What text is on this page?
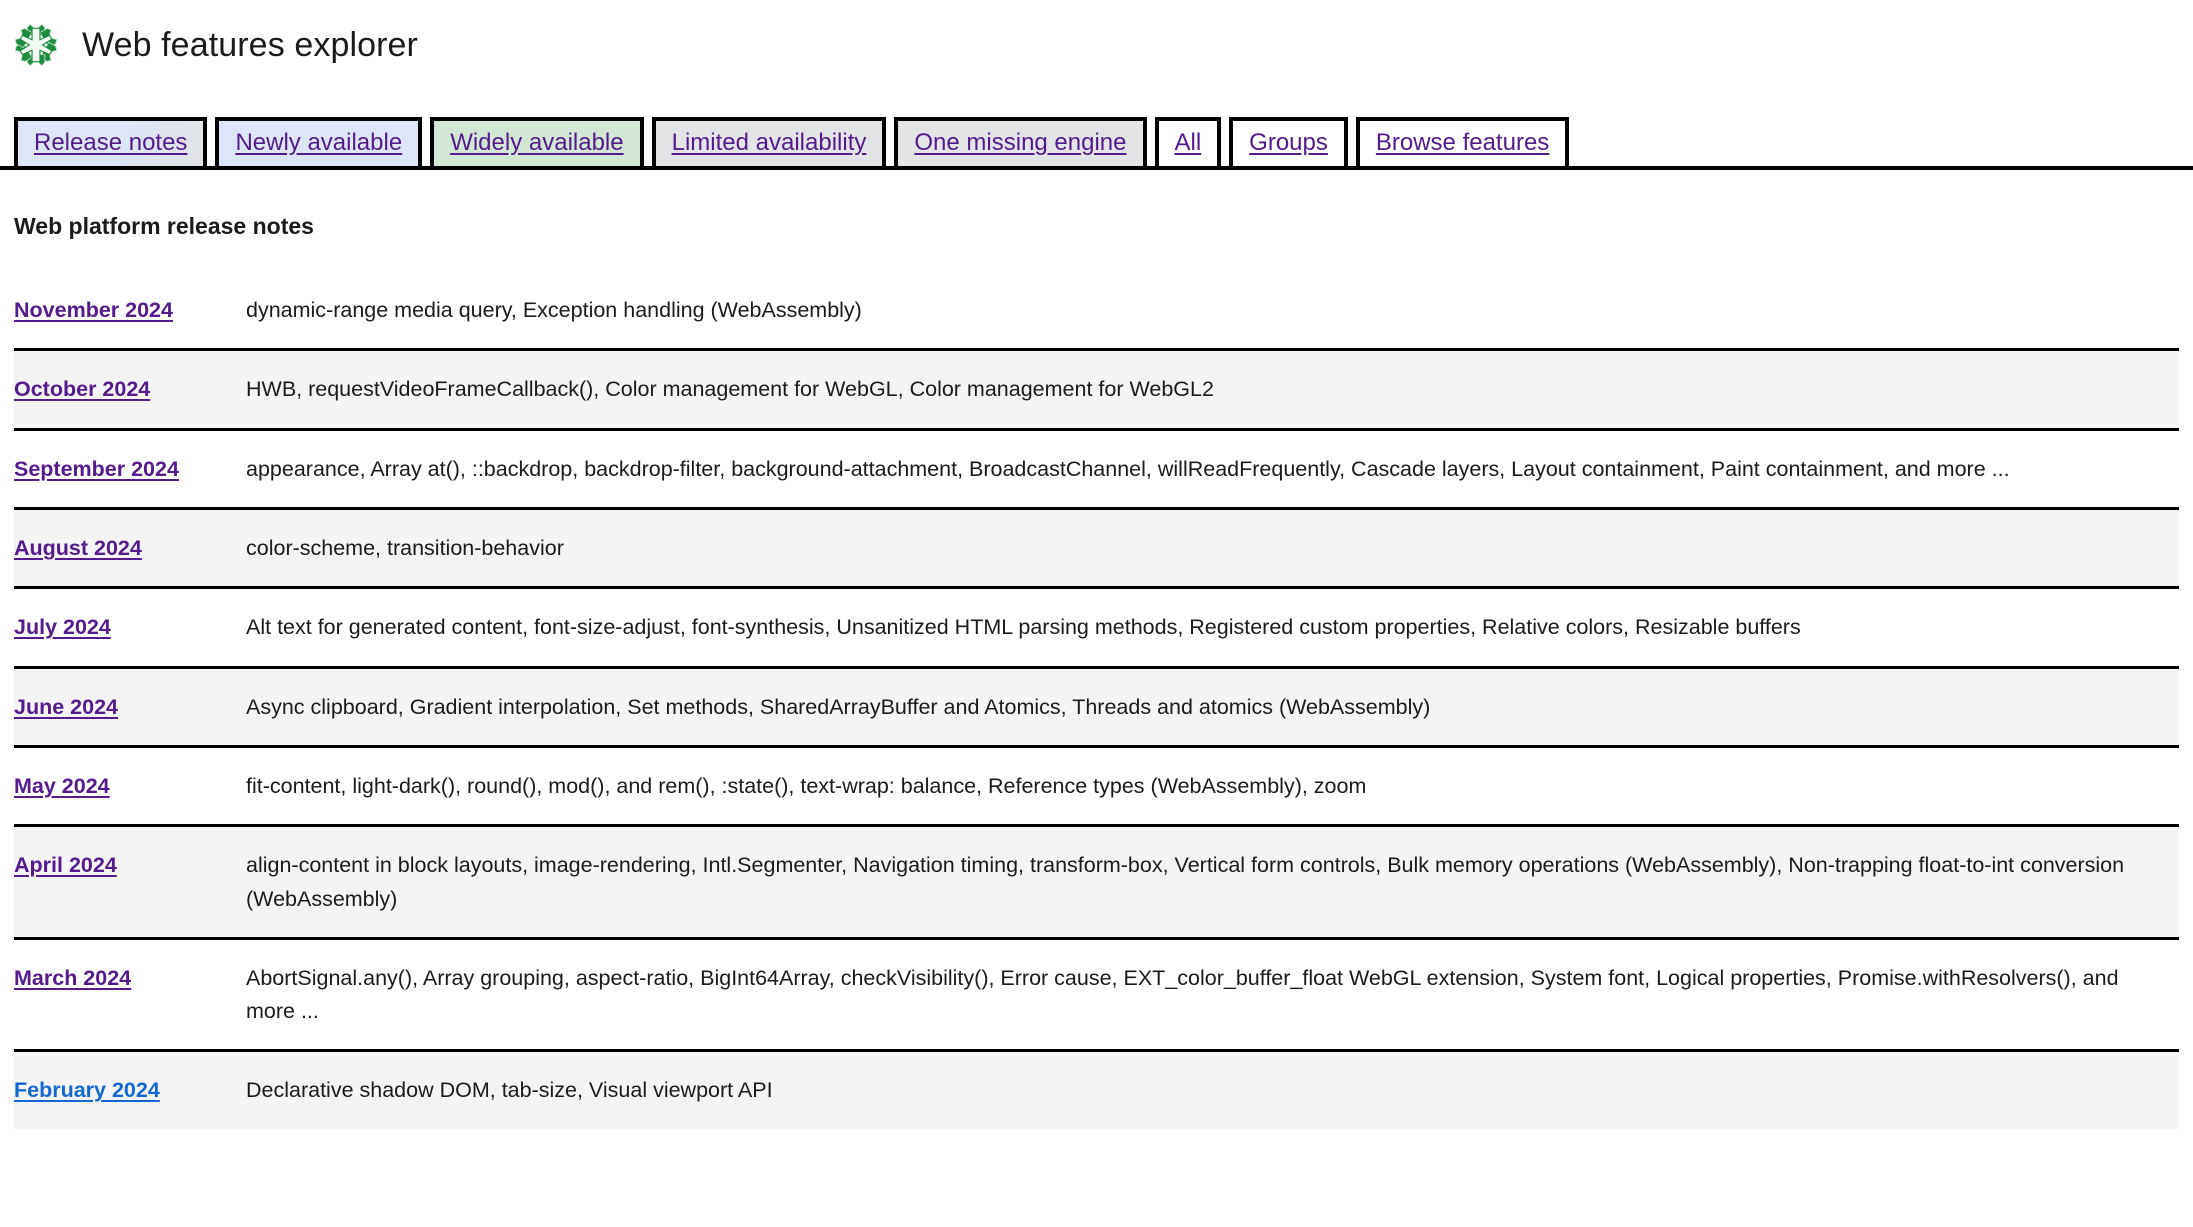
Web features explorer
Release notes	Newly available	Widely available	Limited availability	One missing engine	All	Groups	Browse features
Web platform release notes
November 2024	dynamic-range media query, Exception handling (WebAssembly)
October 2024	HWB, requestVideoFrameCallback(), Color management for WebGL, Color management for WebGL2
September 2024	appearance, Array at(), ::backdrop, backdrop-filter, background-attachment, BroadcastChannel, willReadFrequently, Cascade layers, Layout containment, Paint containment, and more ...
August 2024	color-scheme, transition-behavior
July 2024	Alt text for generated content, font-size-adjust, font-synthesis, Unsanitized HTML parsing methods, Registered custom properties, Relative colors, Resizable buffers
June 2024	Async clipboard, Gradient interpolation, Set methods, SharedArrayBuffer and Atomics, Threads and atomics (WebAssembly)
May 2024	fit-content, light-dark(), round(), mod(), and rem(), :state(), text-wrap: balance, Reference types (WebAssembly), zoom
April 2024	align-content in block layouts, image-rendering, Intl.Segmenter, Navigation timing, transform-box, Vertical form controls, Bulk memory operations (WebAssembly), Non-trapping float-to-int conversion (WebAssembly)
March 2024	AbortSignal.any(), Array grouping, aspect-ratio, BigInt64Array, checkVisibility(), Error cause, EXT_color_buffer_float WebGL extension, System font, Logical properties, Promise.withResolvers(), and more ...
February 2024	Declarative shadow DOM, tab-size, Visual viewport API
